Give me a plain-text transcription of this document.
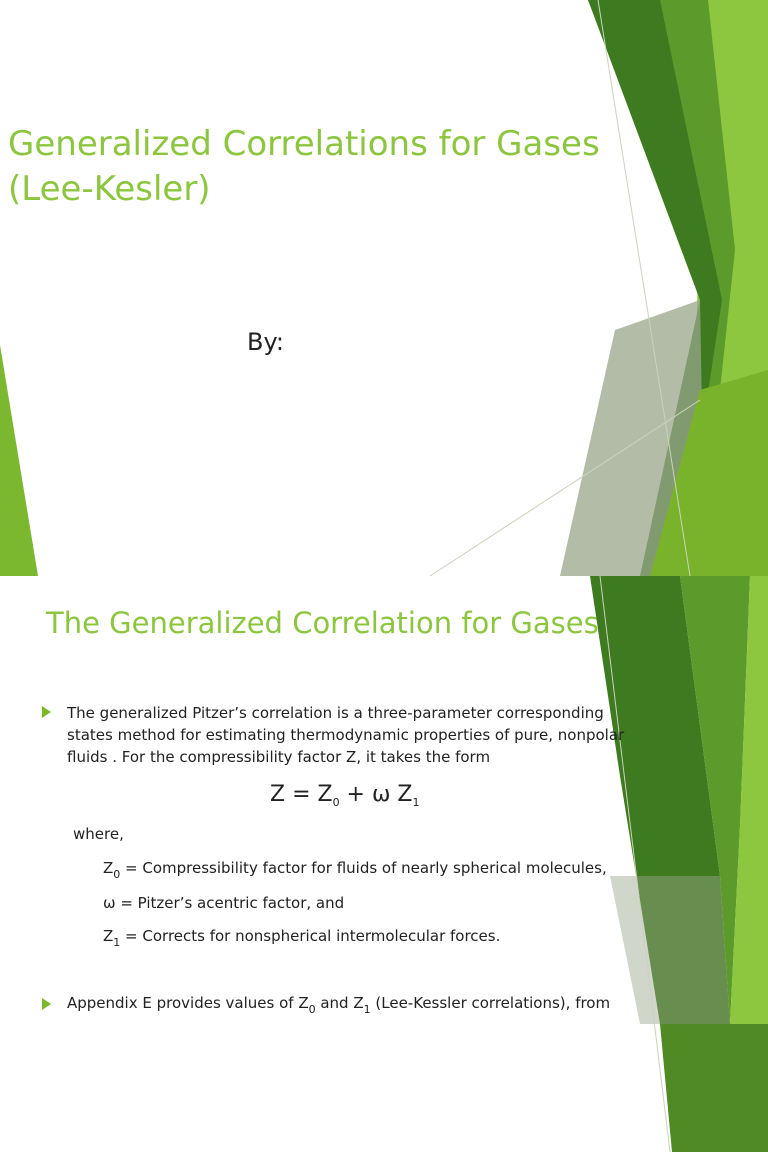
Generalized Correlations for Gases
(Lee-Kesler)
By:
The Generalized Correlation for Gases
The generalized Pitzer’s correlation is a three-parameter corresponding
states method for estimating thermodynamic properties of pure, nonpolar
fluids . For the compressibility factor Z, it takes the form
$Z = Z_0 + \omega$ $Z_1$
where,
$Z_0$ = Compressibility factor for fluids of nearly spherical molecules,
ω = Pitzer’s acentric factor, and
$Z_1$ = Corrects for nonspherical intermolecular forces.
Appendix E provides values of $Z_0$ and $Z_1$ (Lee-Kessler correlations), from
